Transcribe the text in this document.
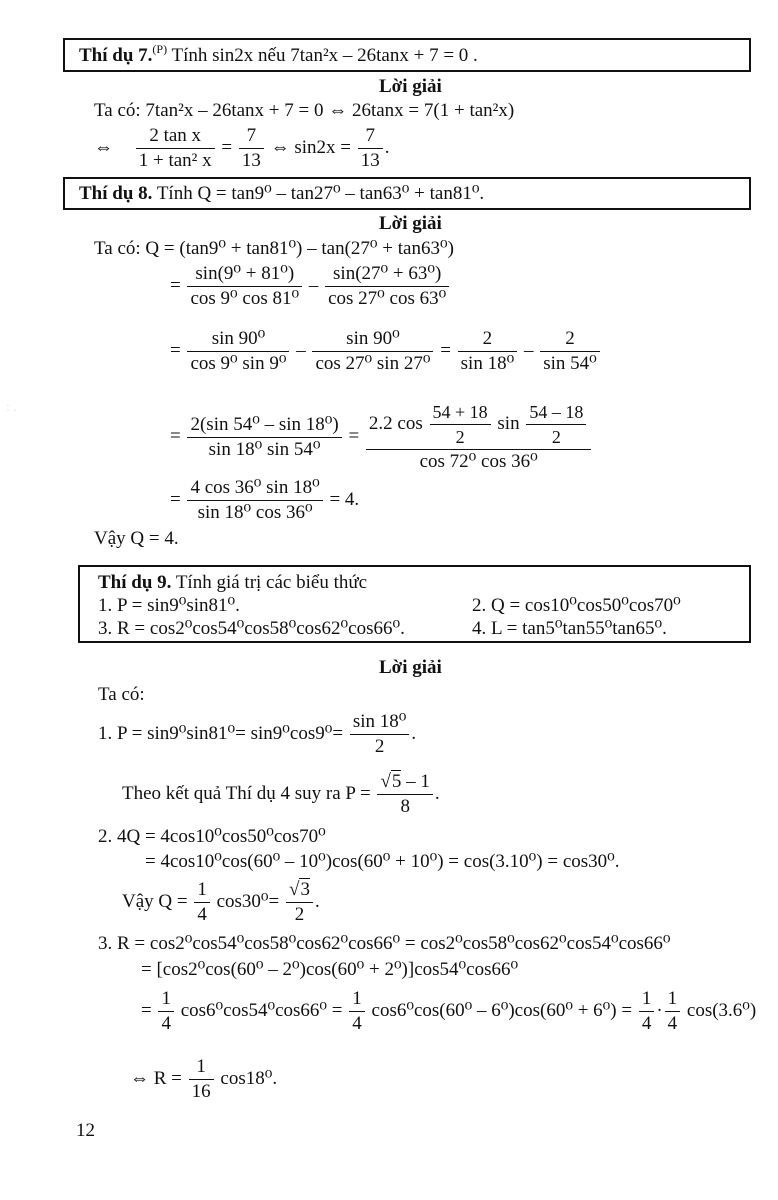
: .
Thí dụ 7.$^{(P)}$ Tính sin2x nếu 7tan²x – 26tanx + 7 = 0 .
Lời giải
Ta có: 7tan²x – 26tanx + 7 = 0 ⇔ 26tanx = 7(1 + tan²x)
⇔ $\frac{\text{2 tan x}}{\text{1 + tan² x}} = \frac{7}{13}$ ⇔ $\sin 2x = \frac{7}{13}$ .
Thí dụ 8. Tính Q = tan9⁰ – tan27⁰ – tan63⁰ + tan81⁰.
Lời giải
Ta có: Q = (tan9⁰ + tan81⁰) – tan(27⁰ + tan63⁰)
= $\frac{\text{sin(9⁰ + 81⁰)}}{\text{cos 9⁰ cos 81⁰}} - \frac{\text{sin(27⁰ + 63⁰)}}{\text{cos 27⁰ cos 63⁰}}$
= $\frac{\text{sin 90⁰}}{\text{cos 9⁰ sin 9⁰}} - \frac{\text{sin 90⁰}}{\text{cos 27⁰ sin 27⁰}} = \frac{2}{\text{sin 18⁰}} - \frac{2}{\text{sin 54⁰}}$
= $\frac{\text{2(sin 54⁰ – sin 18⁰)}}{\text{sin 18⁰ sin 54⁰}} = \frac{2.2 \cos \frac{54 + 18}{2} \sin \frac{54 - 18}{2}}{\text{cos 72⁰ cos 36⁰}}$
= $\frac{\text{4 cos 36⁰ sin 18⁰}}{\text{sin 18⁰ cos 36⁰}} = 4$.
Vậy Q = 4.
Thí dụ 9. Tính giá trị các biểu thức
1. P = sin9⁰sin81⁰.	2. Q = cos10⁰cos50⁰cos70⁰
3. R = cos2⁰cos54⁰cos58⁰cos62⁰cos66⁰.	4. L = tan5⁰tan55⁰tan65⁰.
Lời giải
Ta có:
1. $P = \sin 9^0\sin 81^0= \sin 9^0\cos 9^0= \frac{\text{sin 18⁰}}{2}$ .
Theo kết quả Thí dụ 4 suy ra $P = \frac{√5 - 1}{8}$ .
2. 4Q = 4cos10⁰cos50⁰cos70⁰
= 4cos10⁰cos(60⁰ – 10⁰)cos(60⁰ + 10⁰) = cos(3.10⁰) = cos30⁰.
Vậy $Q = \frac{1}{4} \cos 30^0= \frac{√3}{2}$ .
3. R = cos2⁰cos54⁰cos58⁰cos62⁰cos66⁰ = cos2⁰cos58⁰cos62⁰cos54⁰cos66⁰
= [cos2⁰cos(60⁰ – 2⁰)cos(60⁰ + 2⁰)]cos54⁰cos66⁰
= $\frac{1}{4} \cos 6^0\cos 54^0\cos 66^0 = \frac{1}{4} \cos 6^0\cos(60^0 - 6^0)\cos(60^0 + 6^0) = \frac{1}{4} \cdot \frac{1}{4} \cos(3.6^0)$
⇔ $R = \frac{1}{16} \cos 18^0$.
12
